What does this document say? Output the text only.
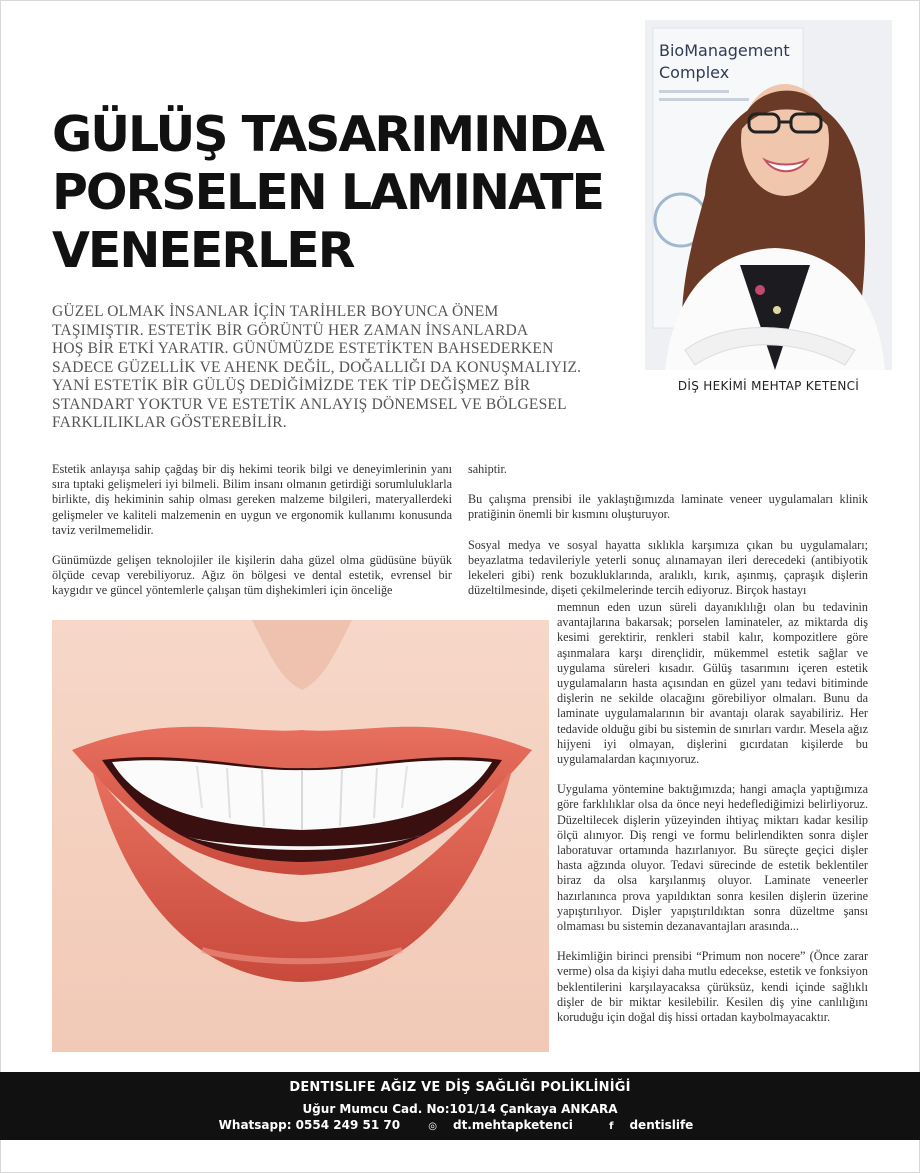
GÜLÜŞ TASARIMINDA
PORSELEN LAMINATE
VENEERLER
GÜZEL OLMAK İNSANLAR İÇİN TARİHLER BOYUNCA ÖNEM
TAŞIMIŞTIR. ESTETİK BİR GÖRÜNTÜ HER ZAMAN İNSANLARDA
HOŞ BİR ETKİ YARATIR. GÜNÜMÜZDE ESTETİKTEN BAHSEDERKEN
SADECE GÜZELLİK VE AHENK DEĞİL, DOĞALLIĞI DA KONUŞMALIYIZ.
YANİ ESTETİK BİR GÜLÜŞ DEDİĞİMİZDE TEK TİP DEĞİŞMEZ BİR
STANDART YOKTUR VE ESTETİK ANLAYIŞ DÖNEMSEL VE BÖLGESEL
FARKLILIKLAR GÖSTEREBİLİR.
BioManagement
Complex
DİŞ HEKİMİ MEHTAP KETENCİ

Estetik anlayışa sahip çağdaş bir diş hekimi teorik bilgi ve deneyimlerinin yanı sıra tıptaki gelişmeleri iyi bilmeli. Bilim insanı olmanın getirdiği sorumluluklarla birlikte, diş hekiminin sahip olması gereken malzeme bilgileri, materyallerdeki gelişmeler ve kaliteli malzemenin en uygun ve ergonomik kullanımı konusunda taviz verilmemelidir.

Günümüzde gelişen teknolojiler ile kişilerin daha güzel olma güdüsüne büyük ölçüde cevap verebiliyoruz. Ağız ön bölgesi ve dental estetik, evrensel bir kaygıdır ve güncel yöntemlerle çalışan tüm dişhekimleri için önceliğe

sahiptir.

Bu çalışma prensibi ile yaklaştığımızda laminate veneer uygulamaları klinik pratiğinin önemli bir kısmını oluşturuyor.

Sosyal medya ve sosyal hayatta sıklıkla karşımıza çıkan bu uygulamaları; beyazlatma tedavileriyle yeterli sonuç alınamayan ileri derecedeki (antibiyotik lekeleri gibi) renk bozukluklarında, aralıklı, kırık, aşınmış, çapraşık dişlerin düzeltilmesinde, dişeti çekilmelerinde tercih ediyoruz. Birçok hastayı

memnun eden uzun süreli dayanıklılığı olan bu tedavinin avantajlarına bakarsak; porselen laminateler, az miktarda diş kesimi gerektirir, renkleri stabil kalır, kompozitlere göre aşınmalara karşı dirençlidir, mükemmel estetik sağlar ve uygulama süreleri kısadır. Gülüş tasarımını içeren estetik uygulamaların hasta açısından en güzel yanı tedavi bitiminde dişlerin ne sekilde olacağını görebiliyor olmaları. Bunu da laminate uygulamalarının bir avantajı olarak sayabiliriz. Her tedavide olduğu gibi bu sistemin de sınırları vardır. Mesela ağız hijyeni iyi olmayan, dişlerini gıcırdatan kişilerde bu uygulamalardan kaçınıyoruz.

Uygulama yöntemine baktığımızda; hangi amaçla yaptığımıza göre farklılıklar olsa da önce neyi hedeflediğimizi belirliyoruz. Düzeltilecek dişlerin yüzeyinden ihtiyaç miktarı kadar kesilip ölçü alınıyor. Diş rengi ve formu belirlendikten sonra dişler laboratuvar ortamında hazırlanıyor. Bu süreçte geçici dişler hasta ağzında oluyor. Tedavi sürecinde de estetik beklentiler biraz da olsa karşılanmış oluyor. Laminate veneerler hazırlanınca prova yapıldıktan sonra kesilen dişlerin üzerine yapıştırılıyor. Dişler yapıştırıldıktan sonra düzeltme şansı olmaması bu sistemin dezanavantajları arasında...

Hekimliğin birinci prensibi “Primum non nocere” (Önce zarar verme) olsa da kişiyi daha mutlu edecekse, estetik ve fonksiyon beklentilerini karşılayacaksa çürüksüz, kendi içinde sağlıklı dişler de bir miktar kesilebilir. Kesilen diş yine canlılığını koruduğu için doğal diş hissi ortadan kaybolmayacaktır.

DENTISLIFE AĞIZ VE DİŞ SAĞLIĞI POLİKLİNİĞİ
Uğur Mumcu Cad. No:101/14 Çankaya ANKARA
Whatsapp: 0554 249 51 70	◎ dt.mehtapketenci	f dentislife
